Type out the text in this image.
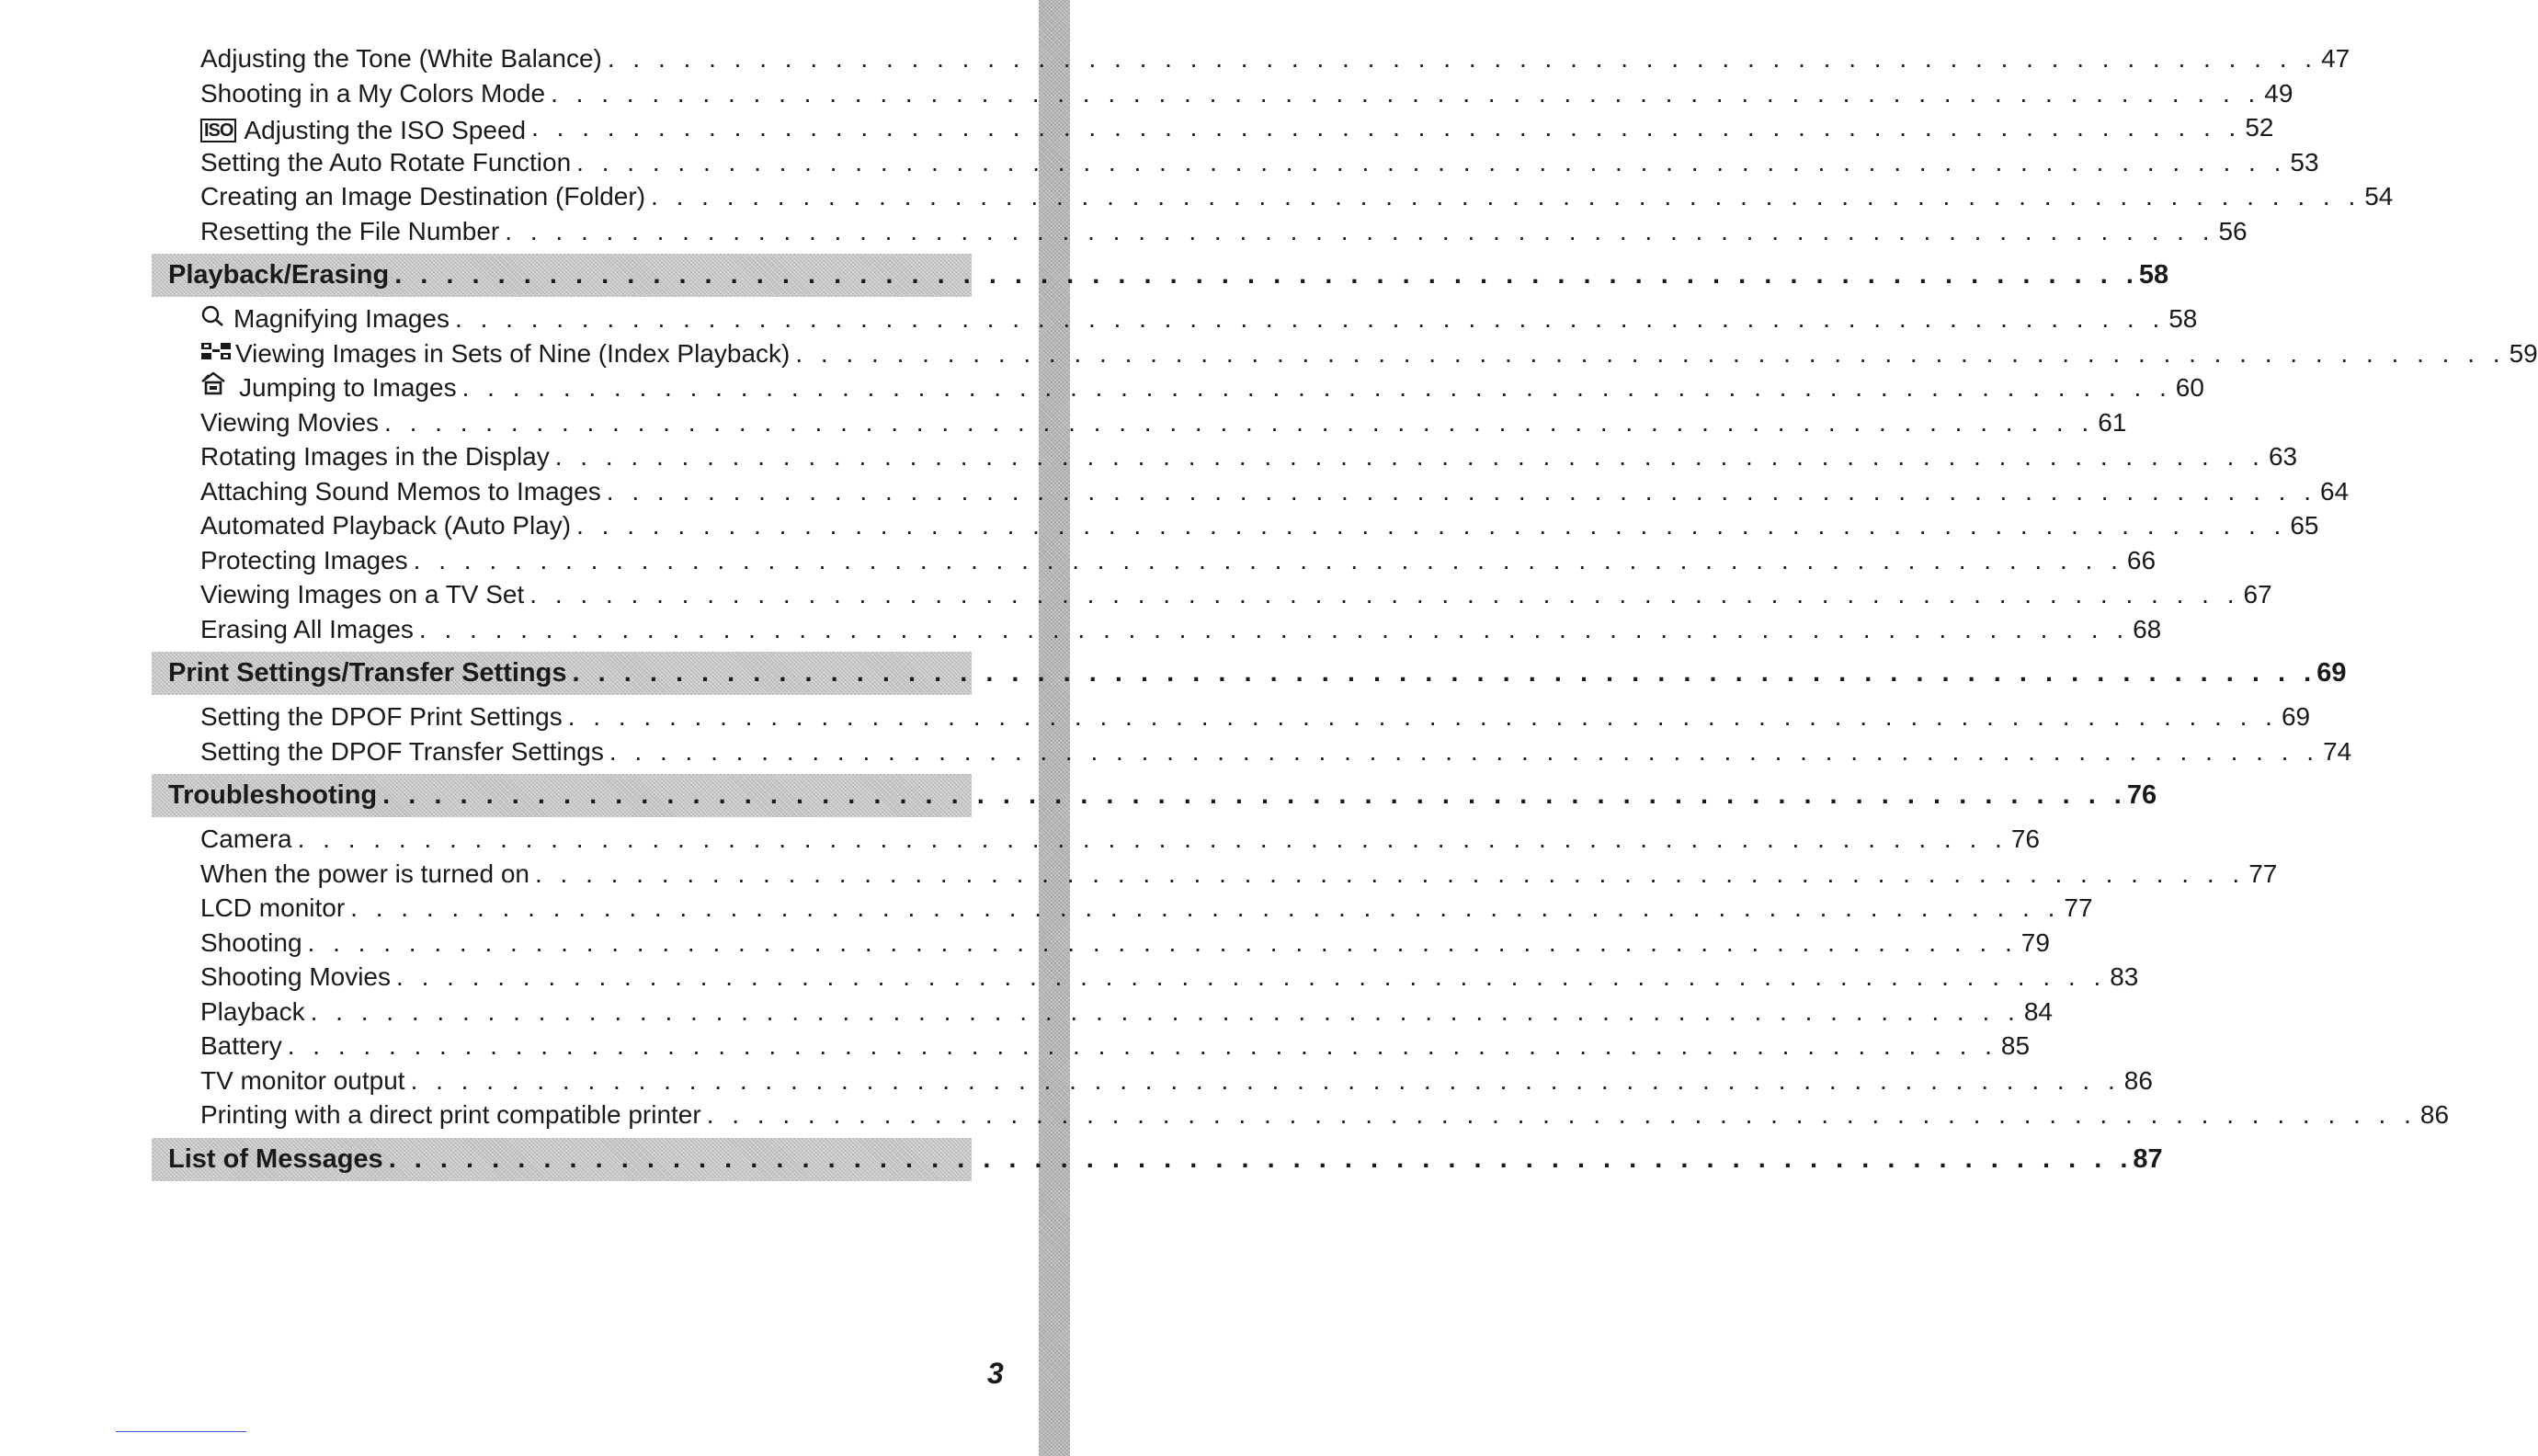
Adjusting the Tone (White Balance) . . . . . . . . . . . . . . . . . . . . . . . . . . . . . . . . . . . . . . . . . . . . . . . . . . . . . . . . . . . . . . . . . . . . 47
Shooting in a My Colors Mode . . . . . . . . . . . . . . . . . . . . . . . . . . . . . . . . . . . . . . . . . . . . . . . . . . . . . . . . . . . . . . . . . . . . 49
ISO Adjusting the ISO Speed . . . . . . . . . . . . . . . . . . . . . . . . . . . . . . . . . . . . . . . . . . . . . . . . . . . . . . . . . . . . . . . . . . . . 52
Setting the Auto Rotate Function . . . . . . . . . . . . . . . . . . . . . . . . . . . . . . . . . . . . . . . . . . . . . . . . . . . . . . . . . . . . . . . . . . . . 53
Creating an Image Destination (Folder) . . . . . . . . . . . . . . . . . . . . . . . . . . . . . . . . . . . . . . . . . . . . . . . . . . . . . . . . . . . . . . . . . . . . 54
Resetting the File Number . . . . . . . . . . . . . . . . . . . . . . . . . . . . . . . . . . . . . . . . . . . . . . . . . . . . . . . . . . . . . . . . . . . . 56
Playback/Erasing . . . . . . . . . . . . . . . . . . . . . . . . . . . . . . . . . . . . . . . . . . . . . . . . . . . . . . . . . . . . . . . . . . . . 58
Magnifying Images . . . . . . . . . . . . . . . . . . . . . . . . . . . . . . . . . . . . . . . . . . . . . . . . . . . . . . . . . . . . . . . . . . . . 58
Viewing Images in Sets of Nine (Index Playback) . . . . . . . . . . . . . . . . . . . . . . . . . . . . . . . . . . . . . . . . . . . . . . . . . . . . . . . . . . . . . . . . . . . . 59
Jumping to Images . . . . . . . . . . . . . . . . . . . . . . . . . . . . . . . . . . . . . . . . . . . . . . . . . . . . . . . . . . . . . . . . . . . . 60
Viewing Movies . . . . . . . . . . . . . . . . . . . . . . . . . . . . . . . . . . . . . . . . . . . . . . . . . . . . . . . . . . . . . . . . . . . . 61
Rotating Images in the Display . . . . . . . . . . . . . . . . . . . . . . . . . . . . . . . . . . . . . . . . . . . . . . . . . . . . . . . . . . . . . . . . . . . . 63
Attaching Sound Memos to Images . . . . . . . . . . . . . . . . . . . . . . . . . . . . . . . . . . . . . . . . . . . . . . . . . . . . . . . . . . . . . . . . . . . . 64
Automated Playback (Auto Play) . . . . . . . . . . . . . . . . . . . . . . . . . . . . . . . . . . . . . . . . . . . . . . . . . . . . . . . . . . . . . . . . . . . . 65
Protecting Images . . . . . . . . . . . . . . . . . . . . . . . . . . . . . . . . . . . . . . . . . . . . . . . . . . . . . . . . . . . . . . . . . . . . 66
Viewing Images on a TV Set . . . . . . . . . . . . . . . . . . . . . . . . . . . . . . . . . . . . . . . . . . . . . . . . . . . . . . . . . . . . . . . . . . . . 67
Erasing All Images . . . . . . . . . . . . . . . . . . . . . . . . . . . . . . . . . . . . . . . . . . . . . . . . . . . . . . . . . . . . . . . . . . . . 68
Print Settings/Transfer Settings . . . . . . . . . . . . . . . . . . . . . . . . . . . . . . . . . . . . . . . . . . . . . . . . . . . . . . . . . . . . . . . . . . . . 69
Setting the DPOF Print Settings . . . . . . . . . . . . . . . . . . . . . . . . . . . . . . . . . . . . . . . . . . . . . . . . . . . . . . . . . . . . . . . . . . . . 69
Setting the DPOF Transfer Settings . . . . . . . . . . . . . . . . . . . . . . . . . . . . . . . . . . . . . . . . . . . . . . . . . . . . . . . . . . . . . . . . . . . . 74
Troubleshooting . . . . . . . . . . . . . . . . . . . . . . . . . . . . . . . . . . . . . . . . . . . . . . . . . . . . . . . . . . . . . . . . . . . . 76
Camera . . . . . . . . . . . . . . . . . . . . . . . . . . . . . . . . . . . . . . . . . . . . . . . . . . . . . . . . . . . . . . . . . . . . 76
When the power is turned on . . . . . . . . . . . . . . . . . . . . . . . . . . . . . . . . . . . . . . . . . . . . . . . . . . . . . . . . . . . . . . . . . . . . 77
LCD monitor . . . . . . . . . . . . . . . . . . . . . . . . . . . . . . . . . . . . . . . . . . . . . . . . . . . . . . . . . . . . . . . . . . . . 77
Shooting . . . . . . . . . . . . . . . . . . . . . . . . . . . . . . . . . . . . . . . . . . . . . . . . . . . . . . . . . . . . . . . . . . . . 79
Shooting Movies . . . . . . . . . . . . . . . . . . . . . . . . . . . . . . . . . . . . . . . . . . . . . . . . . . . . . . . . . . . . . . . . . . . . 83
Playback . . . . . . . . . . . . . . . . . . . . . . . . . . . . . . . . . . . . . . . . . . . . . . . . . . . . . . . . . . . . . . . . . . . . 84
Battery . . . . . . . . . . . . . . . . . . . . . . . . . . . . . . . . . . . . . . . . . . . . . . . . . . . . . . . . . . . . . . . . . . . . 85
TV monitor output . . . . . . . . . . . . . . . . . . . . . . . . . . . . . . . . . . . . . . . . . . . . . . . . . . . . . . . . . . . . . . . . . . . . 86
Printing with a direct print compatible printer . . . . . . . . . . . . . . . . . . . . . . . . . . . . . . . . . . . . . . . . . . . . . . . . . . . . . . . . . . . . . . . . . . . . 86
List of Messages . . . . . . . . . . . . . . . . . . . . . . . . . . . . . . . . . . . . . . . . . . . . . . . . . . . . . . . . . . . . . . . . . . . . 87
3
